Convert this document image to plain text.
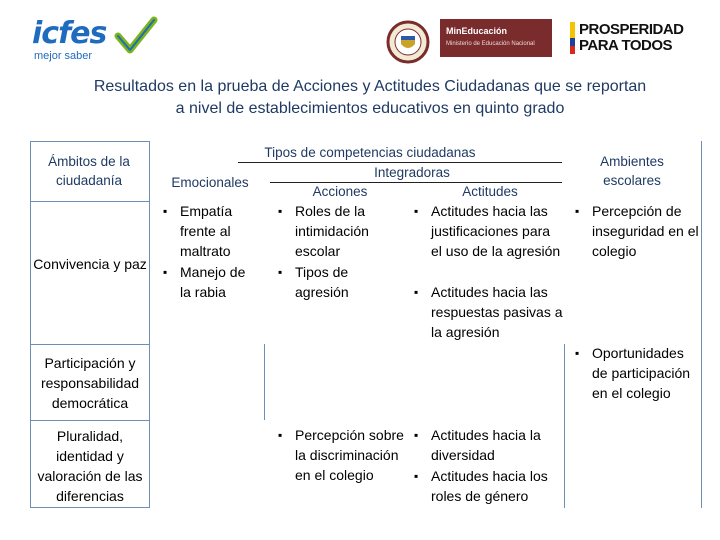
icfes
mejor saber
MinEducación
Ministerio de Educación Nacional
PROSPERIDAD
PARA TODOS
Resultados en la prueba de Acciones y Actitudes Ciudadanas que se reportan
a nivel de establecimientos educativos en quinto grado
Ámbitos de la ciudadanía
Tipos de competencias ciudadanas
Integradoras
Emocionales
Acciones	Actitudes
Ambientes escolares
Convivencia y paz
Participación y responsabilidad democrática
Pluralidad, identidad y valoración de las diferencias
▪ Empatía frente al maltrato
▪ Manejo de la rabia
▪ Roles de la intimidación escolar
▪ Tipos de agresión
▪ Actitudes hacia las justificaciones para el uso de la agresión
▪ Actitudes hacia las respuestas pasivas a la agresión
▪ Percepción de inseguridad en el colegio
▪ Oportunidades de participación en el colegio
▪ Percepción sobre la discriminación en el colegio
▪ Actitudes hacia la diversidad
▪ Actitudes hacia los roles de género
